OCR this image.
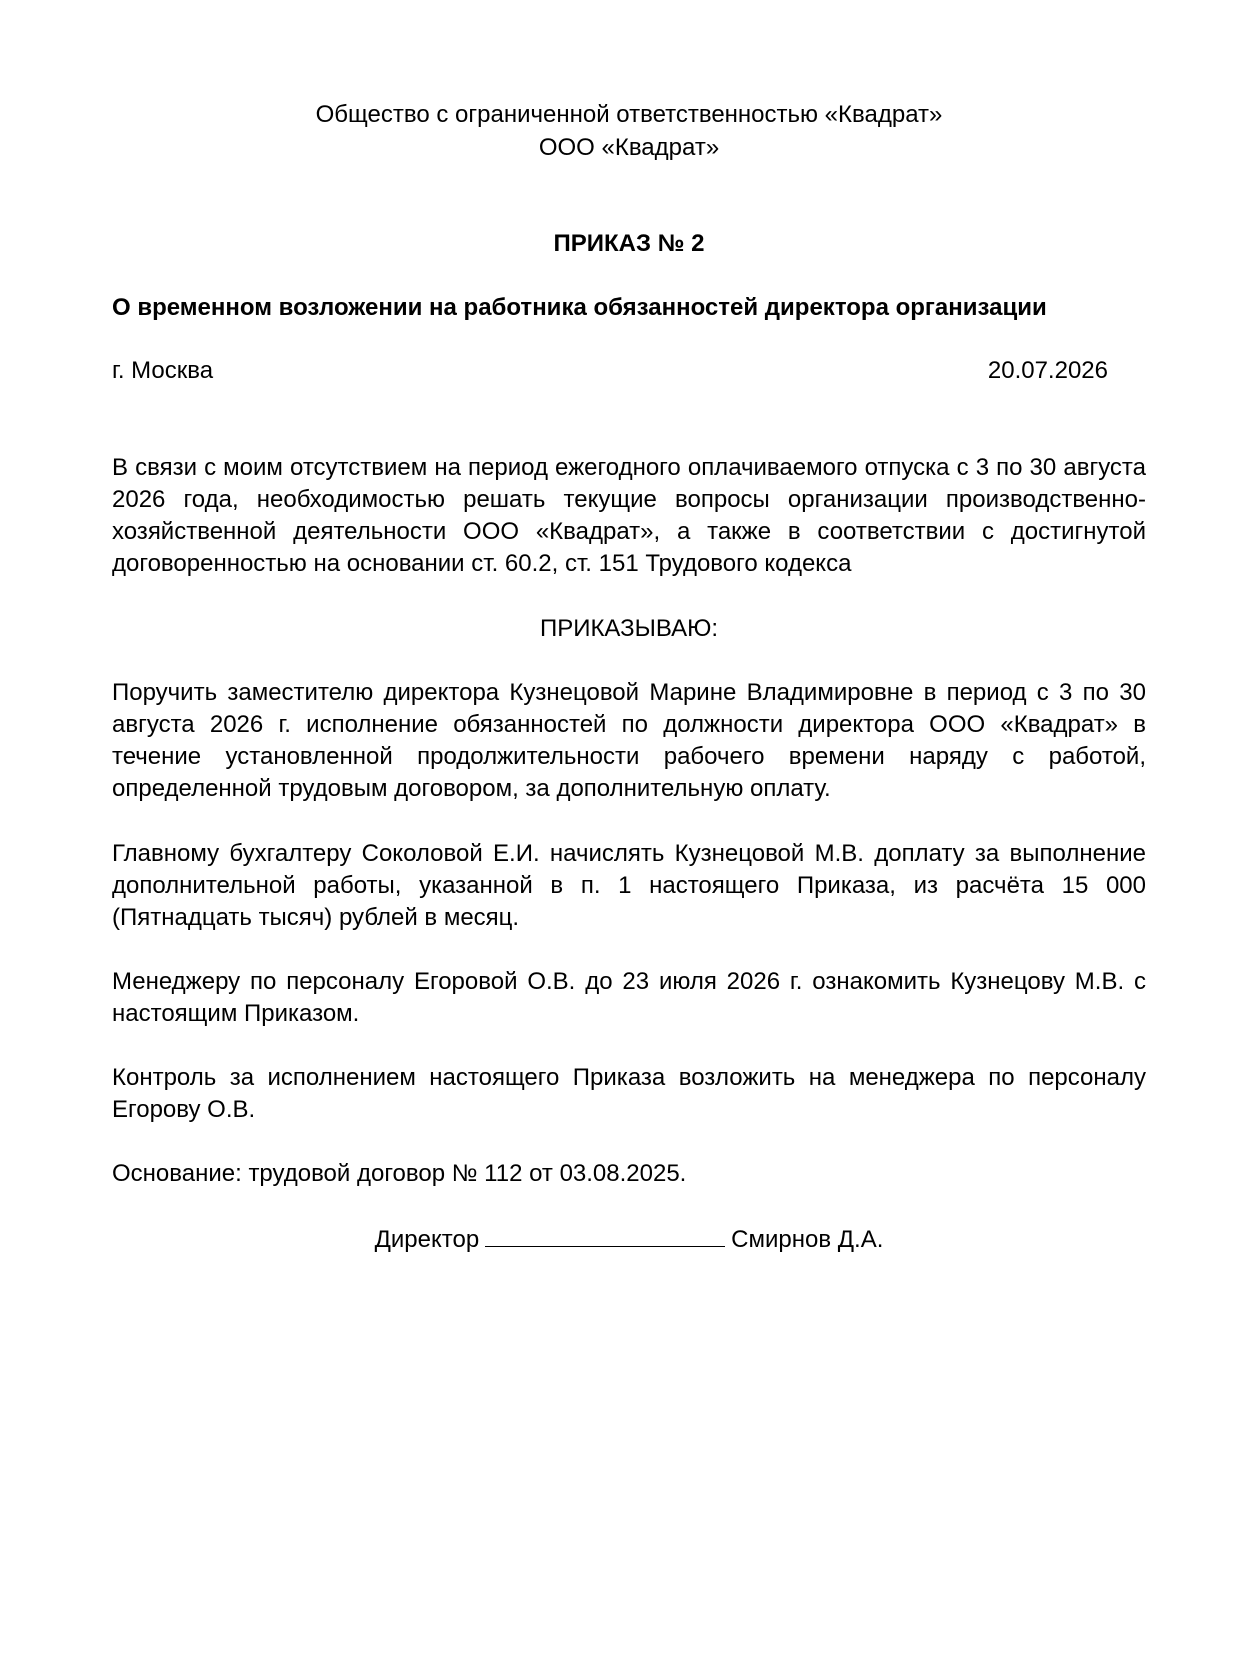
Общество с ограниченной ответственностью «Квадрат»
ООО «Квадрат»
ПРИКАЗ № 2
О временном возложении на работника обязанностей директора организации
г. Москва	20.07.2026
В связи с моим отсутствием на период ежегодного оплачиваемого отпуска с 3 по 30 августа 2026 года, необходимостью решать текущие вопросы организации производственно-хозяйственной деятельности ООО «Квадрат», а также в соответствии с достигнутой договоренностью на основании ст. 60.2, ст. 151 Трудового кодекса
ПРИКАЗЫВАЮ:
Поручить заместителю директора Кузнецовой Марине Владимировне в период с 3 по 30 августа 2026 г. исполнение обязанностей по должности директора ООО «Квадрат» в течение установленной продолжительности рабочего времени наряду с работой, определенной трудовым договором, за дополнительную оплату.
Главному бухгалтеру Соколовой Е.И. начислять Кузнецовой М.В. доплату за выполнение дополнительной работы, указанной в п. 1 настоящего Приказа, из расчёта 15 000 (Пятнадцать тысяч) рублей в месяц.
Менеджеру по персоналу Егоровой О.В. до 23 июля 2026 г. ознакомить Кузнецову М.В. с настоящим Приказом.
Контроль за исполнением настоящего Приказа возложить на менеджера по персоналу Егорову О.В.
Основание: трудовой договор № 112 от 03.08.2025.
Директор	Смирнов Д.А.
